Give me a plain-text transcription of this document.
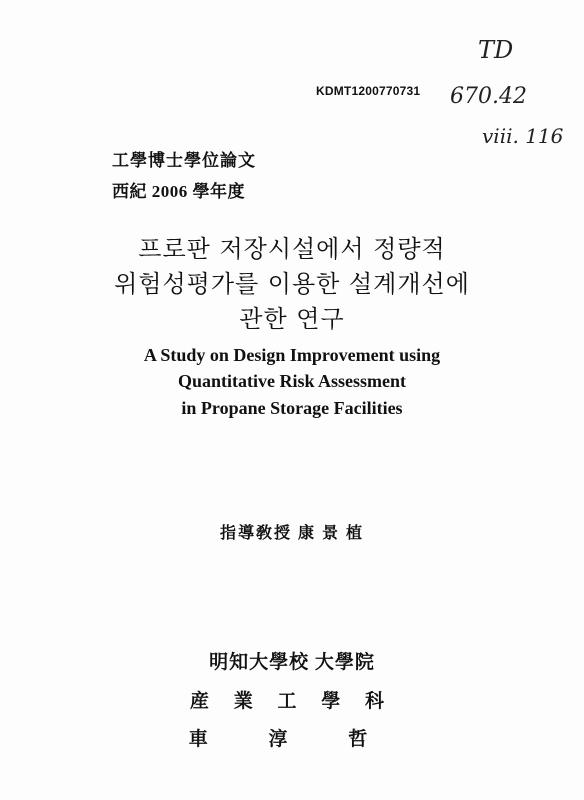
TD
KDMT1200770731 670.42
viii. 116
工學博士學位論文
西紀 2006 學年度
프로판 저장시설에서 정량적
위험성평가를 이용한 설계개선에
관한 연구
A Study on Design Improvement using
Quantitative Risk Assessment
in Propane Storage Facilities
指導敎授 康 景 植
明知大學校 大學院
産 業 工 學 科
車 淳 哲
